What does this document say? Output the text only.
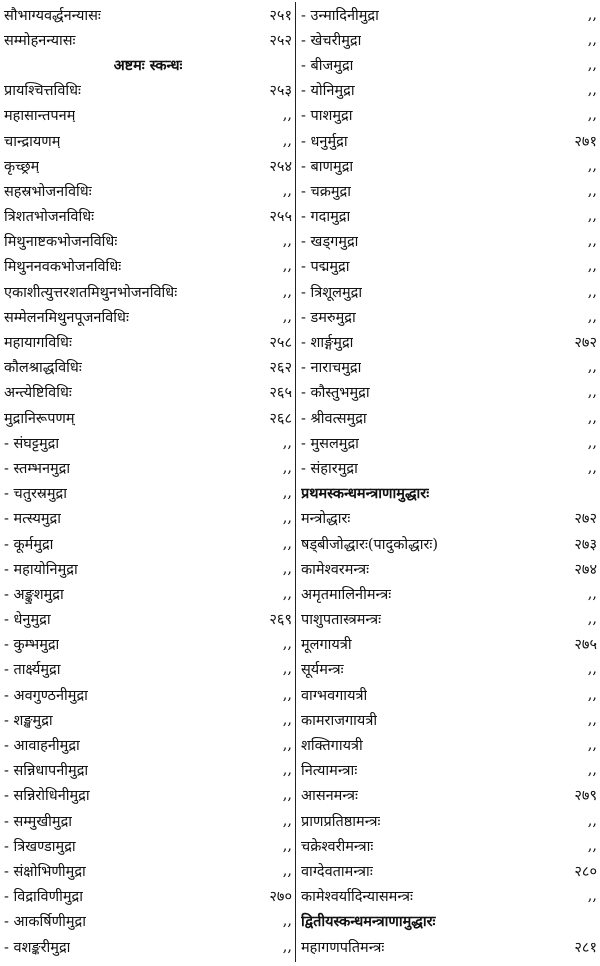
सौभाग्यवर्द्धनन्यासः	२५१
सम्मोहनन्यासः	२५२
अष्टमः स्कन्धः
प्रायश्चित्तविधिः	२५३
महासान्तपनम्	,,
चान्द्रायणम्	,,
कृच्छ्रम्	२५४
सहस्रभोजनविधिः	,,
त्रिशतभोजनविधिः	२५५
मिथुनाष्टकभोजनविधिः	,,
मिथुननवकभोजनविधिः	,,
एकाशीत्युत्तरशतमिथुनभोजनविधिः	,,
सम्मेलनमिथुनपूजनविधिः	,,
महायागविधिः	२५८
कौलश्राद्धविधिः	२६२
अन्त्येष्टिविधिः	२६५
मुद्रानिरूपणम्	२६८
- संघट्टमुद्रा	,,
- स्तम्भनमुद्रा	,,
- चतुरस्रमुद्रा	,,
- मत्स्यमुद्रा	,,
- कूर्ममुद्रा	,,
- महायोनिमुद्रा	,,
- अङ्कुशमुद्रा	,,
- धेनुमुद्रा	२६९
- कुम्भमुद्रा	,,
- तार्क्ष्यमुद्रा	,,
- अवगुण्ठनीमुद्रा	,,
- शङ्खमुद्रा	,,
- आवाहनीमुद्रा	,,
- सन्निधापनीमुद्रा	,,
- सन्निरोधिनीमुद्रा	,,
- सम्मुखीमुद्रा	,,
- त्रिखण्डामुद्रा	,,
- संक्षोभिणीमुद्रा	,,
- विद्राविणीमुद्रा	२७०
- आकर्षिणीमुद्रा	,,
- वशङ्करीमुद्रा	,,
- उन्मादिनीमुद्रा	,,
- खेचरीमुद्रा	,,
- बीजमुद्रा	,,
- योनिमुद्रा	,,
- पाशमुद्रा	,,
- धनुर्मुद्रा	२७१
- बाणमुद्रा	,,
- चक्रमुद्रा	,,
- गदामुद्रा	,,
- खड्गमुद्रा	,,
- पद्ममुद्रा	,,
- त्रिशूलमुद्रा	,,
- डमरुमुद्रा	,,
- शार्ङ्गमुद्रा	२७२
- नाराचमुद्रा	,,
- कौस्तुभमुद्रा	,,
- श्रीवत्समुद्रा	,,
- मुसलमुद्रा	,,
- संहारमुद्रा	,,
प्रथमस्कन्धमन्त्राणामुद्धारः
मन्त्रोद्धारः	२७२
षड्बीजोद्धारः(पादुकोद्धारः)	२७३
कामेश्वरमन्त्रः	२७४
अमृतमालिनीमन्त्रः	,,
पाशुपतास्त्रमन्त्रः	,,
मूलगायत्री	२७५
सूर्यमन्त्रः	,,
वाग्भवगायत्री	,,
कामराजगायत्री	,,
शक्तिगायत्री	,,
नित्यामन्त्राः	,,
आसनमन्त्रः	२७९
प्राणप्रतिष्ठामन्त्रः	,,
चक्रेश्वरीमन्त्राः	,,
वाग्देवतामन्त्राः	२८०
कामेश्वर्यादिन्यासमन्त्रः	,,
द्वितीयस्कन्धमन्त्राणामुद्धारः
महागणपतिमन्त्रः	२८१
